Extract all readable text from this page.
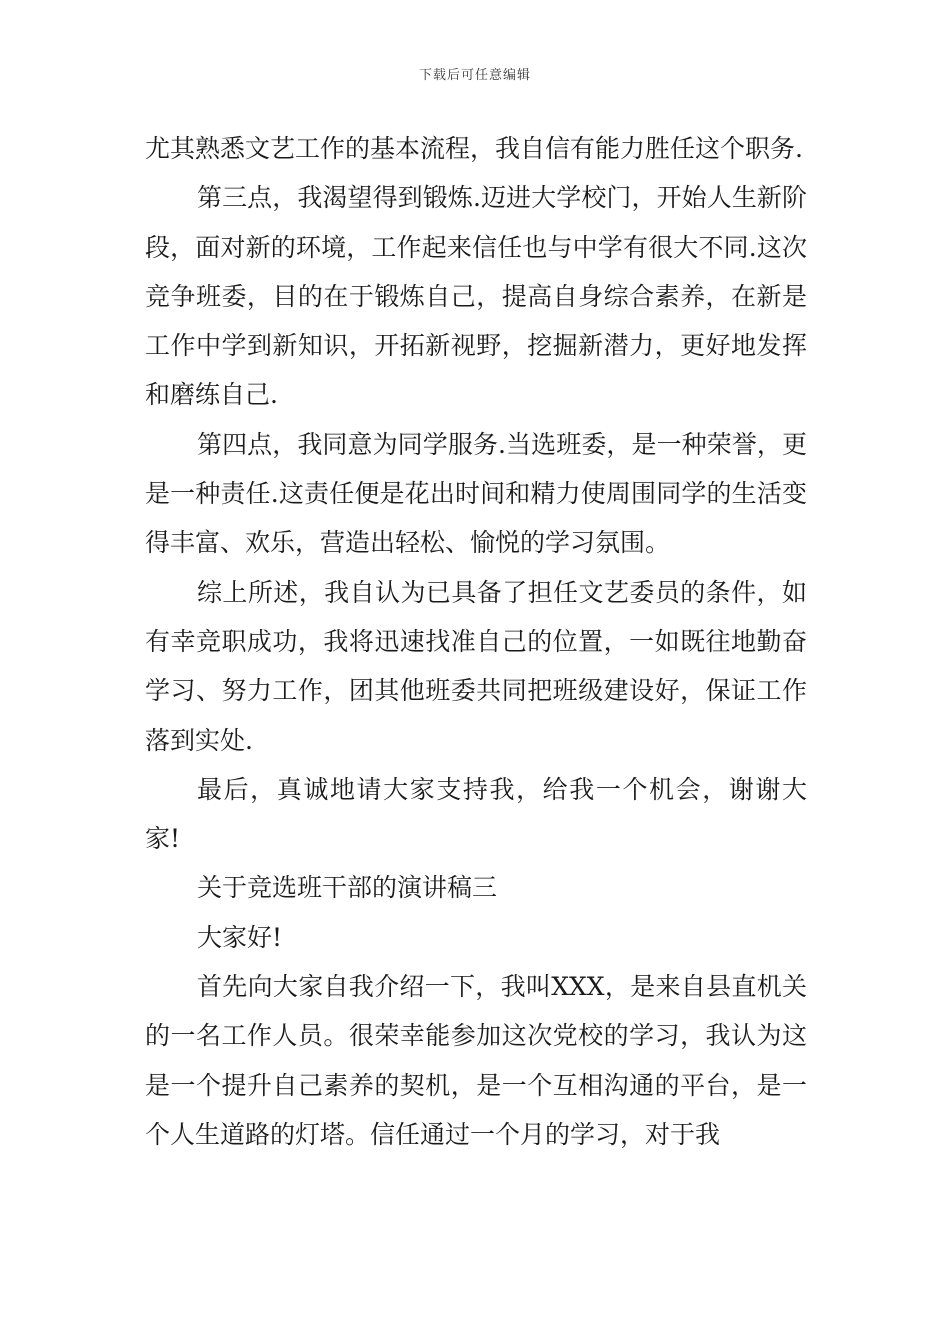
下载后可任意编辑

尤其熟悉文艺工作的基本流程，我自信有能力胜任这个职务.

第三点，我渴望得到锻炼.迈进大学校门，开始人生新阶段，面对新的环境，工作起来信任也与中学有很大不同.这次竞争班委，目的在于锻炼自己，提高自身综合素养，在新是工作中学到新知识，开拓新视野，挖掘新潜力，更好地发挥和磨练自己.

第四点，我同意为同学服务.当选班委，是一种荣誉，更是一种责任.这责任便是花出时间和精力使周围同学的生活变得丰富、欢乐，营造出轻松、愉悦的学习氛围。

综上所述，我自认为已具备了担任文艺委员的条件，如有幸竞职成功，我将迅速找准自己的位置，一如既往地勤奋学习、努力工作，团其他班委共同把班级建设好，保证工作落到实处.

最后，真诚地请大家支持我，给我一个机会，谢谢大家!

关于竞选班干部的演讲稿三

大家好!

首先向大家自我介绍一下，我叫XXX，是来自县直机关的一名工作人员。很荣幸能参加这次党校的学习，我认为这是一个提升自己素养的契机，是一个互相沟通的平台，是一个人生道路的灯塔。信任通过一个月的学习，对于我
